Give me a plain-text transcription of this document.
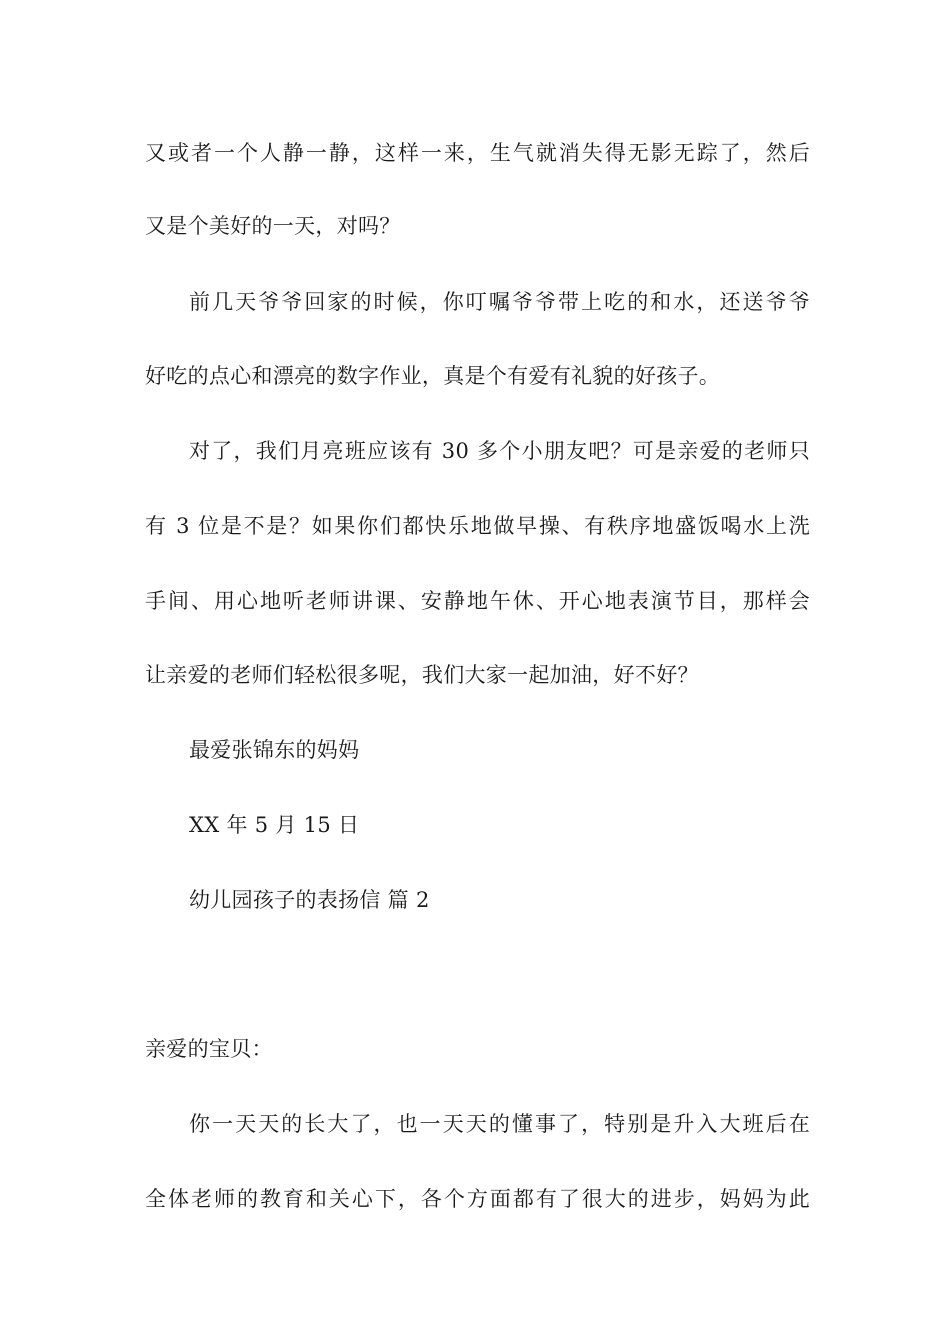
又或者一个人静一静，这样一来，生气就消失得无影无踪了，然后
又是个美好的一天，对吗？
前几天爷爷回家的时候，你叮嘱爷爷带上吃的和水，还送爷爷
好吃的点心和漂亮的数字作业，真是个有爱有礼貌的好孩子。
对了，我们月亮班应该有 30 多个小朋友吧？可是亲爱的老师只
有 3 位是不是？如果你们都快乐地做早操、有秩序地盛饭喝水上洗
手间、用心地听老师讲课、安静地午休、开心地表演节目，那样会
让亲爱的老师们轻松很多呢，我们大家一起加油，好不好？
最爱张锦东的妈妈
XX 年 5 月 15 日
幼儿园孩子的表扬信 篇 2
亲爱的宝贝：
你一天天的长大了，也一天天的懂事了，特别是升入大班后在
全体老师的教育和关心下，各个方面都有了很大的进步，妈妈为此
